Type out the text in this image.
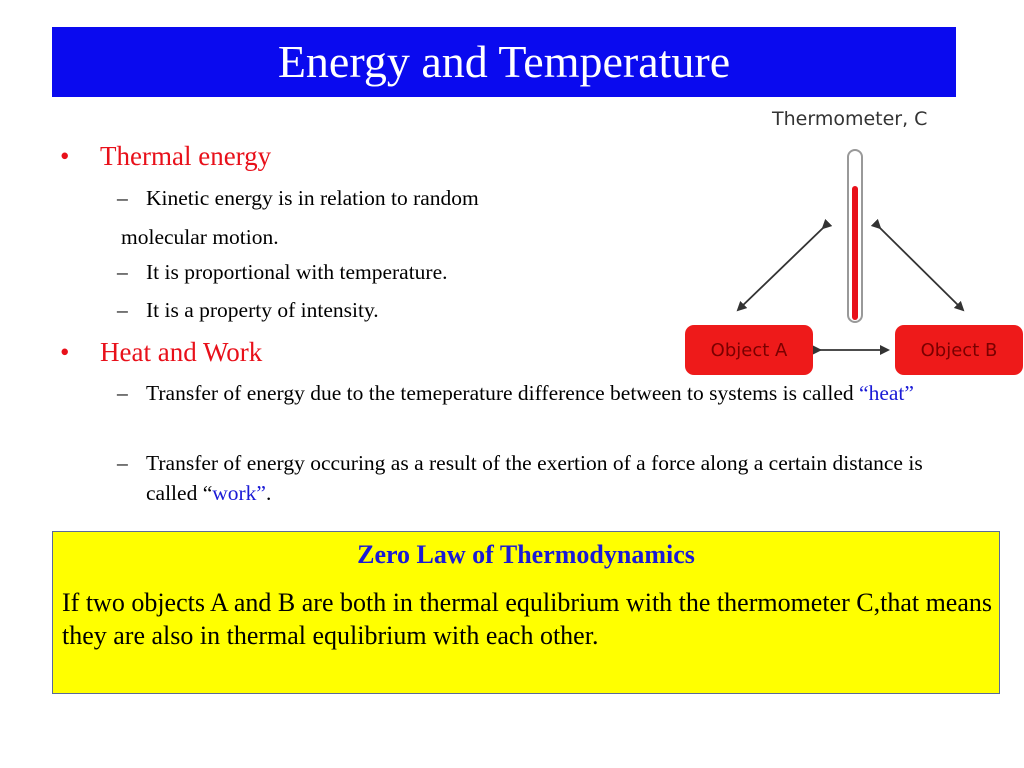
Energy and Temperature
• Thermal energy
– Kinetic energy is in relation to random
molecular motion.
– It is proportional with temperature.
– It is a property of intensity.
• Heat and Work
– Transfer of energy due to the temeperature difference between to systems is called “heat”
– Transfer of energy occuring as a result of the exertion of a force along a certain distance is called “work”.
Thermometer, C
Object A	Object B
Zero Law of Thermodynamics
If two objects A and B are both in thermal equlibrium with the thermometer C,that means they are also in thermal equlibrium with each other.
